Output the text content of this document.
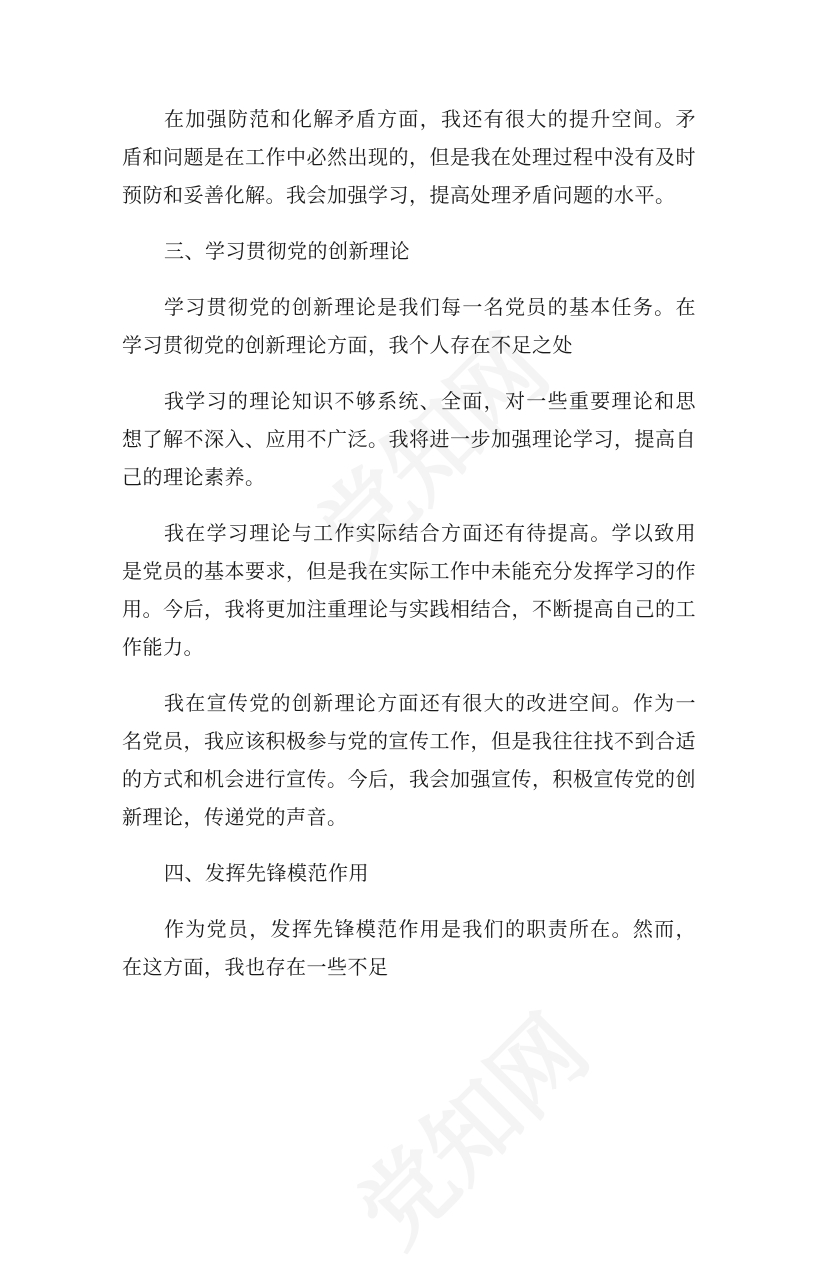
在加强防范和化解矛盾方面，我还有很大的提升空间。矛盾和问题是在工作中必然出现的，但是我在处理过程中没有及时预防和妥善化解。我会加强学习，提高处理矛盾问题的水平。

三、学习贯彻党的创新理论

学习贯彻党的创新理论是我们每一名党员的基本任务。在学习贯彻党的创新理论方面，我个人存在不足之处

我学习的理论知识不够系统、全面，对一些重要理论和思想了解不深入、应用不广泛。我将进一步加强理论学习，提高自己的理论素养。

我在学习理论与工作实际结合方面还有待提高。学以致用是党员的基本要求，但是我在实际工作中未能充分发挥学习的作用。今后，我将更加注重理论与实践相结合，不断提高自己的工作能力。

我在宣传党的创新理论方面还有很大的改进空间。作为一名党员，我应该积极参与党的宣传工作，但是我往往找不到合适的方式和机会进行宣传。今后，我会加强宣传，积极宣传党的创新理论，传递党的声音。

四、发挥先锋模范作用

作为党员，发挥先锋模范作用是我们的职责所在。然而，在这方面，我也存在一些不足
